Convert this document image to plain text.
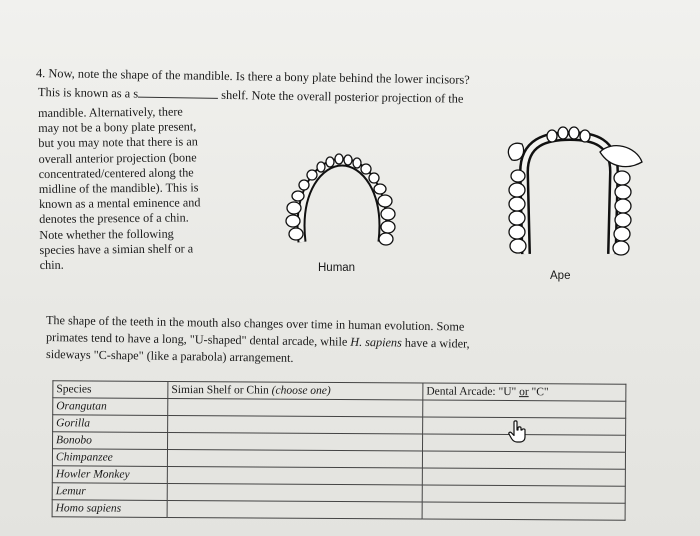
4. Now, note the shape of the mandible. Is there a bony plate behind the lower incisors?
This is known as a s	shelf. Note the overall posterior projection of the
mandible. Alternatively, there
may not be a bony plate present,
but you may note that there is an
overall anterior projection (bone
concentrated/centered along the
midline of the mandible). This is
known as a mental eminence and
denotes the presence of a chin.
Note whether the following
species have a simian shelf or a
chin.	Human
Ape
The shape of the teeth in the mouth also changes over time in human evolution. Some
primates tend to have a long, "U-shaped" dental arcade, while H. sapiens have a wider,
sideways "C-shape" (like a parabola) arrangement.
Species	Simian Shelf or Chin (choose one)	Dental Arcade: "U" or "C"
Orangutan		
Gorilla		
Bonobo		
Chimpanzee		
Howler Monkey		
Lemur		
Homo sapiens		
